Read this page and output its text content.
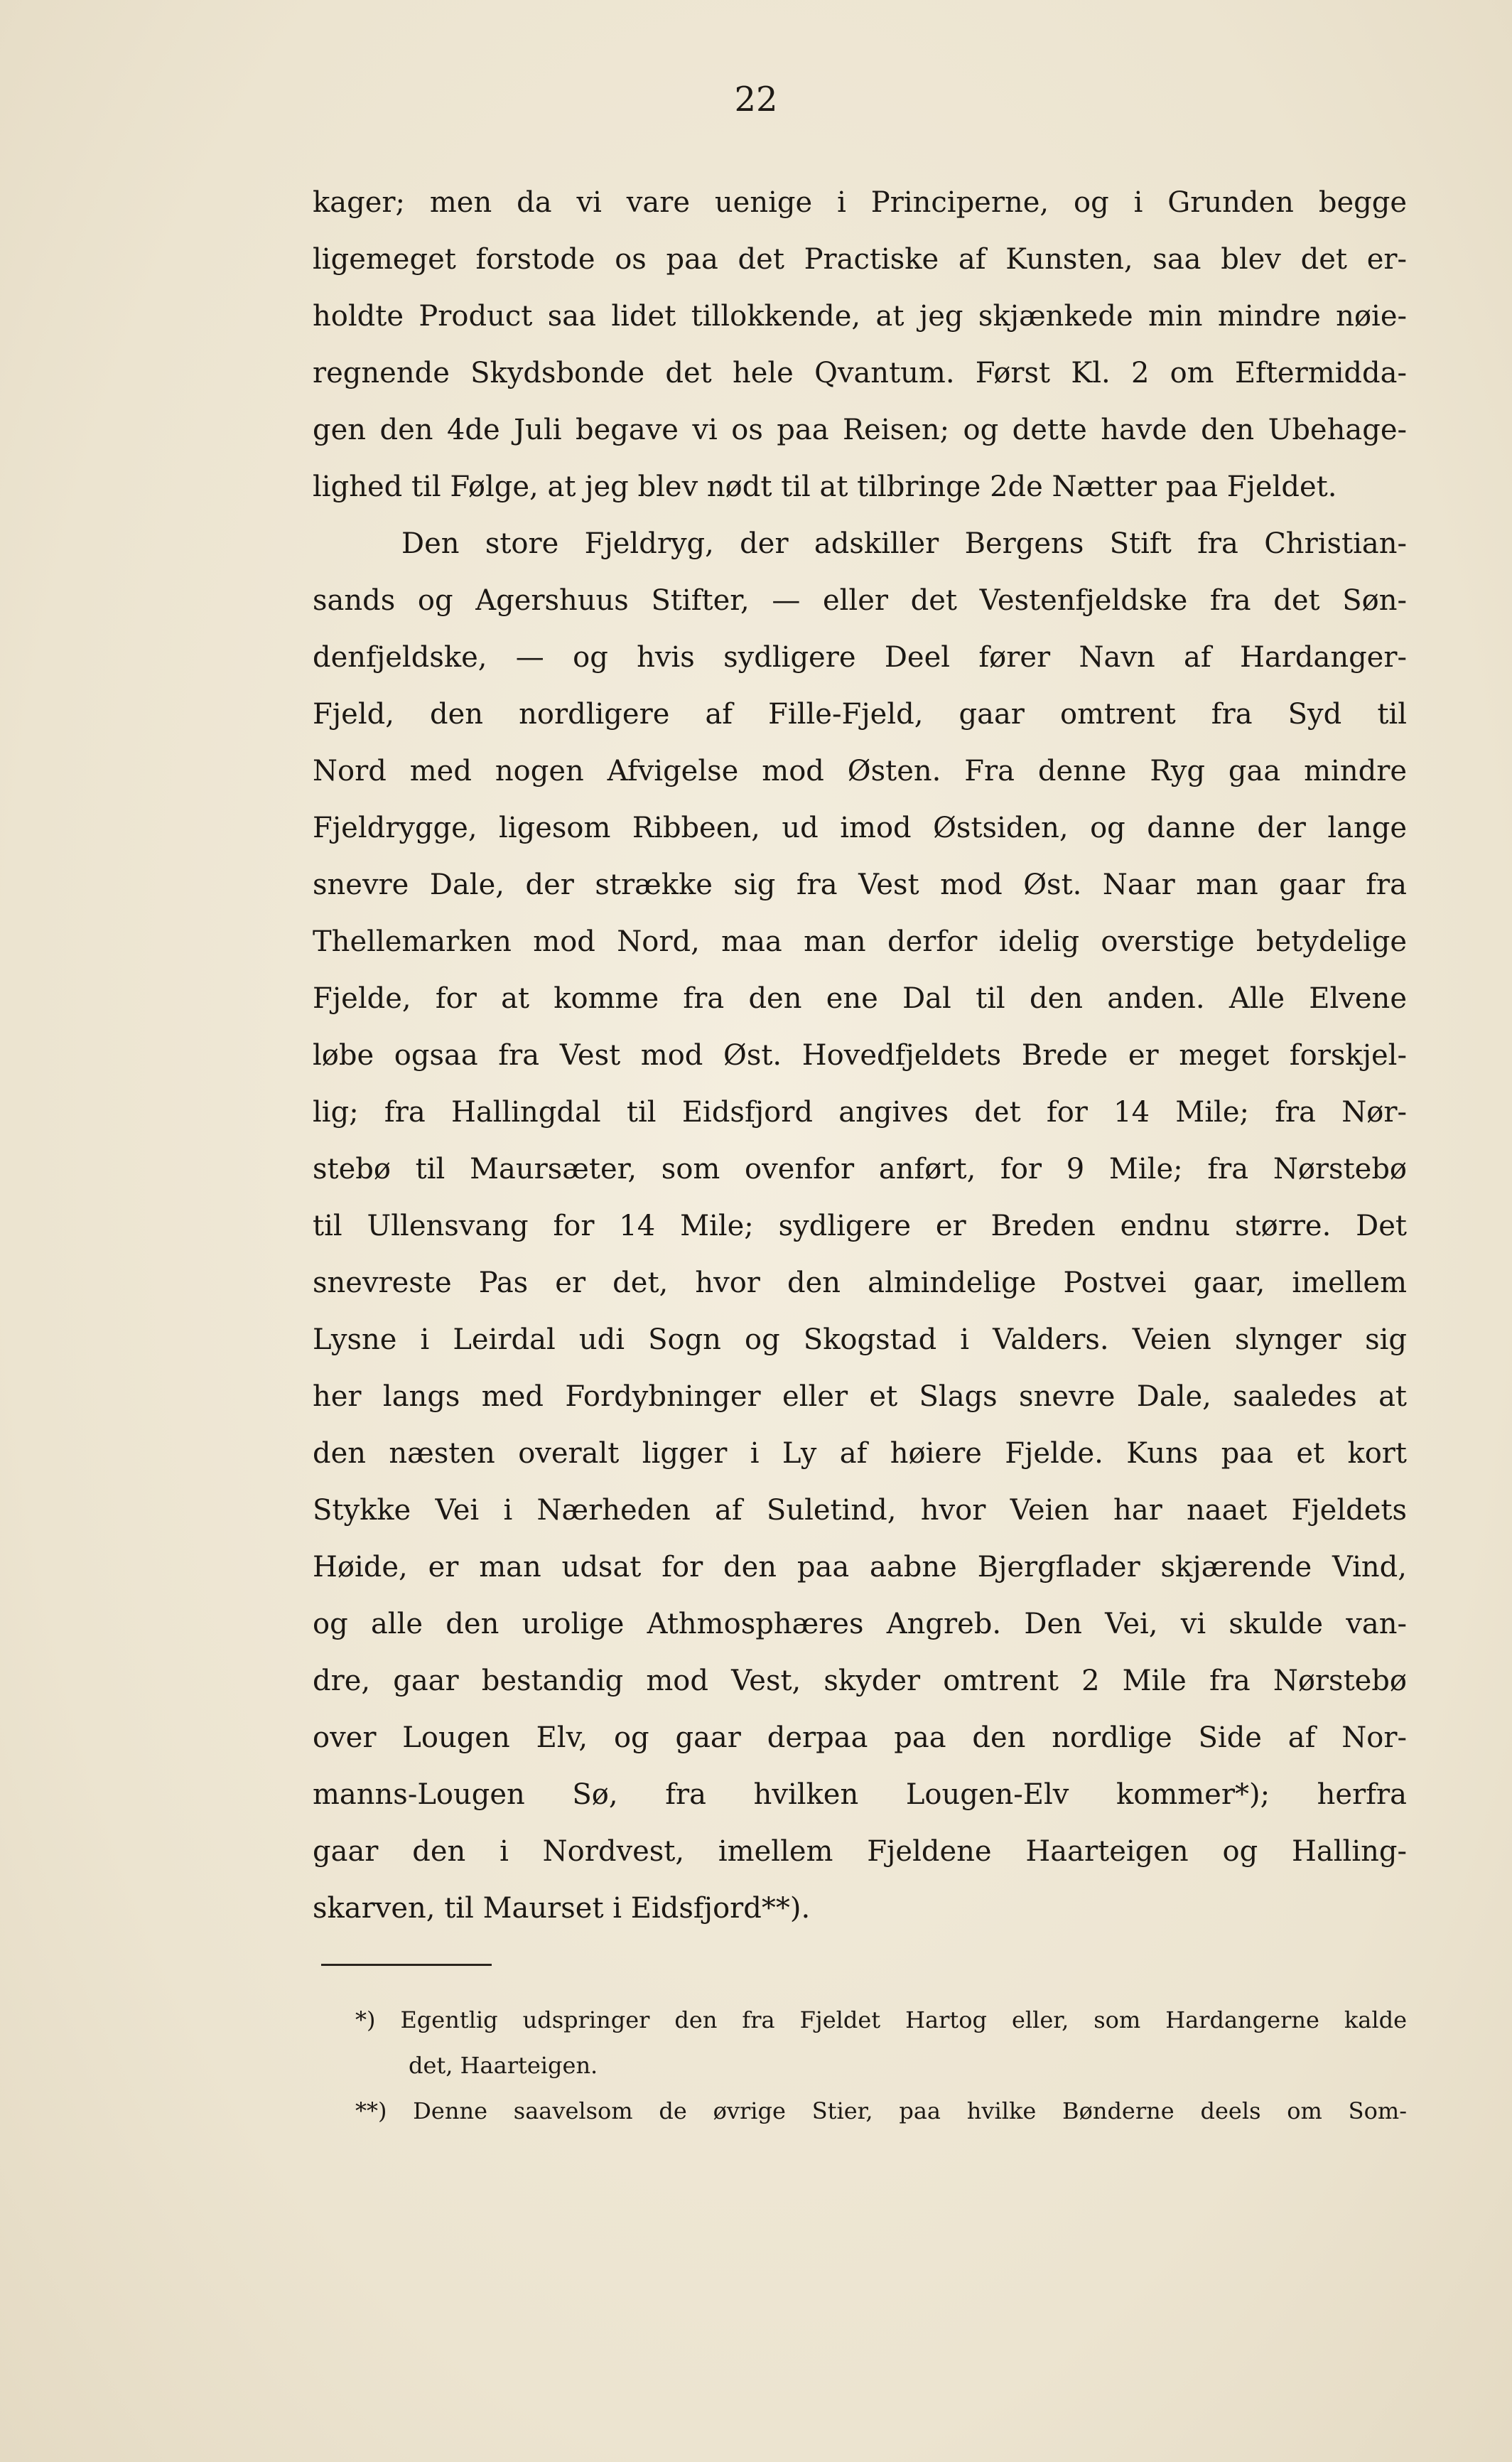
22
kager; men da vi vare uenige i Principerne, og i Grunden begge
ligemeget forstode os paa det Practiske af Kunsten, saa blev det er-
holdte Product saa lidet tillokkende, at jeg skjænkede min mindre nøie-
regnende Skydsbonde det hele Qvantum. Først Kl. 2 om Eftermidda-
gen den 4de Juli begave vi os paa Reisen; og dette havde den Ubehage-
lighed til Følge, at jeg blev nødt til at tilbringe 2de Nætter paa Fjeldet.
Den store Fjeldryg, der adskiller Bergens Stift fra Christian-
sands og Agershuus Stifter, — eller det Vestenfjeldske fra det Søn-
denfjeldske, — og hvis sydligere Deel fører Navn af Hardanger-
Fjeld, den nordligere af Fille-Fjeld, gaar omtrent fra Syd til
Nord med nogen Afvigelse mod Østen. Fra denne Ryg gaa mindre
Fjeldrygge, ligesom Ribbeen, ud imod Østsiden, og danne der lange
snevre Dale, der strække sig fra Vest mod Øst. Naar man gaar fra
Thellemarken mod Nord, maa man derfor idelig overstige betydelige
Fjelde, for at komme fra den ene Dal til den anden. Alle Elvene
løbe ogsaa fra Vest mod Øst. Hovedfjeldets Brede er meget forskjel-
lig; fra Hallingdal til Eidsfjord angives det for 14 Mile; fra Nør-
stebø til Maursæter, som ovenfor anført, for 9 Mile; fra Nørstebø
til Ullensvang for 14 Mile; sydligere er Breden endnu større. Det
snevreste Pas er det, hvor den almindelige Postvei gaar, imellem
Lysne i Leirdal udi Sogn og Skogstad i Valders. Veien slynger sig
her langs med Fordybninger eller et Slags snevre Dale, saaledes at
den næsten overalt ligger i Ly af høiere Fjelde. Kuns paa et kort
Stykke Vei i Nærheden af Suletind, hvor Veien har naaet Fjeldets
Høide, er man udsat for den paa aabne Bjergflader skjærende Vind,
og alle den urolige Athmosphæres Angreb. Den Vei, vi skulde van-
dre, gaar bestandig mod Vest, skyder omtrent 2 Mile fra Nørstebø
over Lougen Elv, og gaar derpaa paa den nordlige Side af Nor-
manns-Lougen Sø, fra hvilken Lougen-Elv kommer*); herfra
gaar den i Nordvest, imellem Fjeldene Haarteigen og Halling-
skarven, til Maurset i Eidsfjord**).
*) Egentlig udspringer den fra Fjeldet Hartog eller, som Hardangerne kalde
det, Haarteigen.
**) Denne saavelsom de øvrige Stier, paa hvilke Bønderne deels om Som-
